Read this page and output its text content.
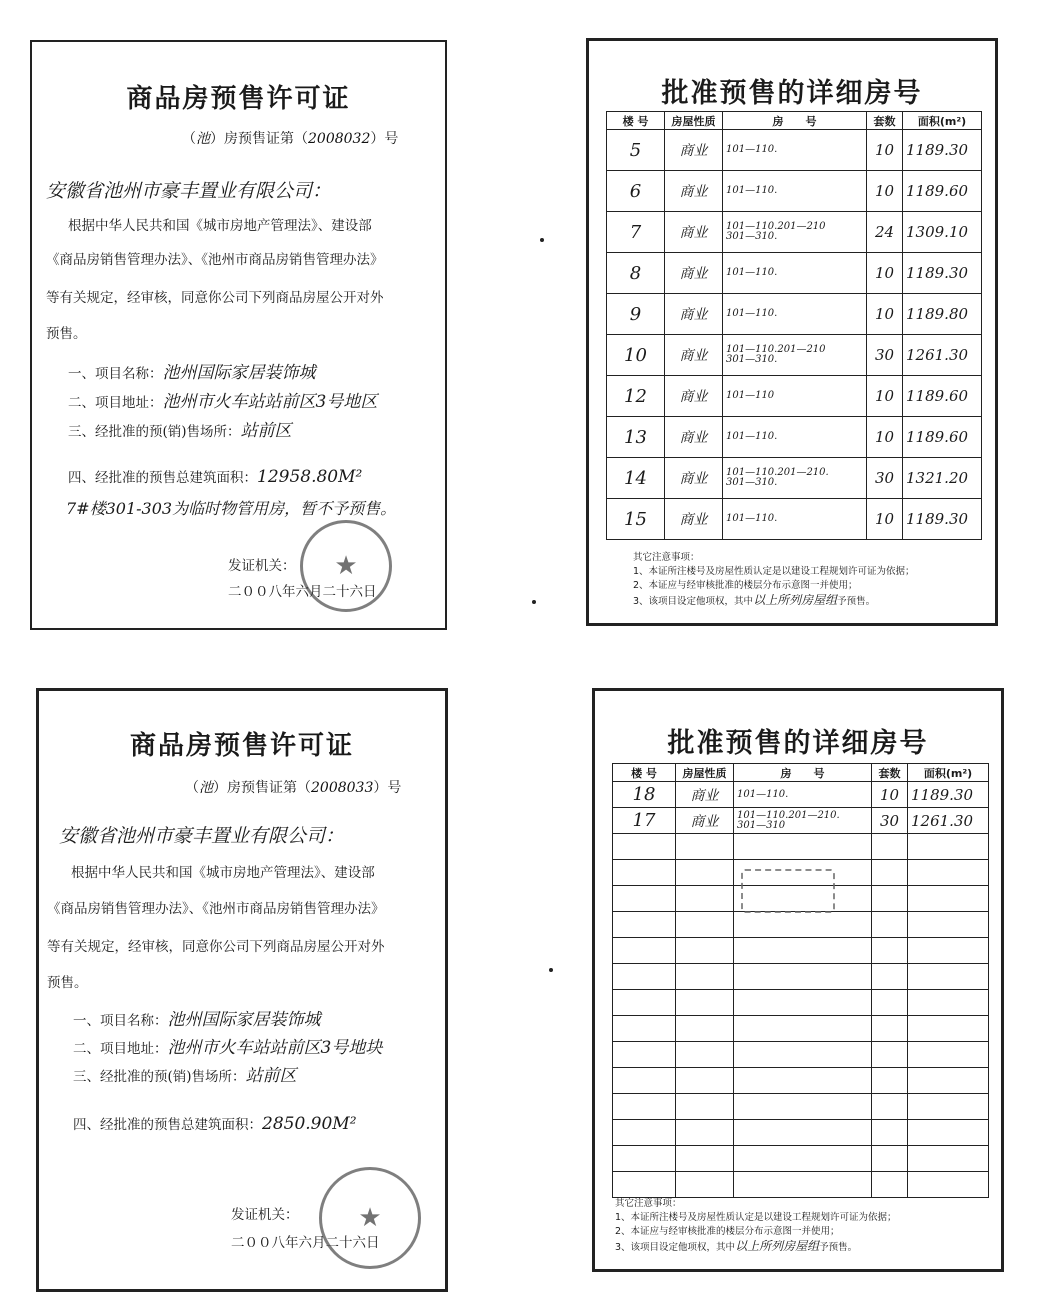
商品房预售许可证
（池）房预售证第（2008032）号
安徽省池州市豪丰置业有限公司：
根据中华人民共和国《城市房地产管理法》、建设部
《商品房销售管理办法》、《池州市商品房销售管理办法》
等有关规定，经审核，同意你公司下列商品房屋公开对外
预售。
一、项目名称：池州国际家居装饰城
二、项目地址：池州市火车站站前区3号地区
三、经批准的预(销)售场所：站前区
四、经批准的预售总建筑面积：12958.80M²
7#楼301-303为临时物管用房，暂不予预售。
★
发证机关：
二００八年六月二十六日
批准预售的详细房号
楼 号	房屋性质	房　　号	套数	面积(m²)
5	商业	101—110.	10	1189.30
6	商业	101—110.	10	1189.60
7	商业	101—110.201—210
301—310.	24	1309.10
8	商业	101—110.	10	1189.30
9	商业	101—110.	10	1189.80
10	商业	101—110.201—210
301—310.	30	1261.30
12	商业	101—110	10	1189.60
13	商业	101—110.	10	1189.60
14	商业	101—110.201—210.
301—310.	30	1321.20
15	商业	101—110.	10	1189.30
其它注意事项：
1、本证所注楼号及房屋性质认定是以建设工程规划许可证为依据；
2、本证应与经审核批准的楼层分布示意图一并使用；
3、该项目设定他项权，其中以上所列房屋组予预售。
商品房预售许可证
（池）房预售证第（2008033）号
安徽省池州市豪丰置业有限公司：
根据中华人民共和国《城市房地产管理法》、建设部
《商品房销售管理办法》、《池州市商品房销售管理办法》
等有关规定，经审核，同意你公司下列商品房屋公开对外
预售。
一、项目名称：池州国际家居装饰城
二、项目地址：池州市火车站站前区3号地块
三、经批准的预(销)售场所：站前区
四、经批准的预售总建筑面积：2850.90M²
★
发证机关：
二００八年六月二十六日
批准预售的详细房号
楼 号	房屋性质	房　　号	套数	面积(m²)
18	商业	101—110.	10	1189.30
17	商业	101—110.201—210.
301—310	30	1261.30

其它注意事项：
1、本证所注楼号及房屋性质认定是以建设工程规划许可证为依据；
2、本证应与经审核批准的楼层分布示意图一并使用；
3、该项目设定他项权，其中以上所列房屋组予预售。
